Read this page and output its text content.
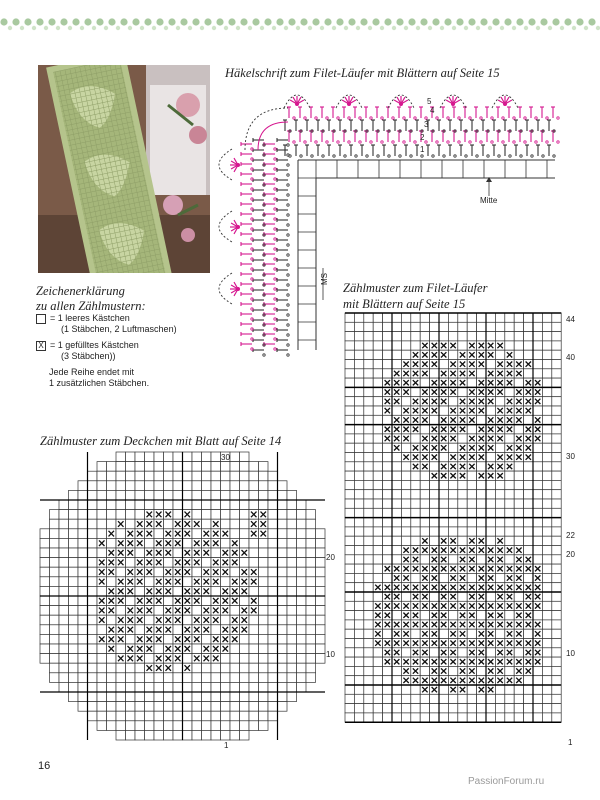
Häkelschrift zum Filet-Läufer mit Blättern auf Seite 15
5
4
3
2
1
Mitte
MS
Zeichenerklärung
zu allen Zählmustern:
= 1 leeres Kästchen
(1 Stäbchen, 2 Luftmaschen)
X = 1 gefülltes Kästchen
(3 Stäbchen))
Jede Reihe endet mit
1 zusätzlichen Stäbchen.
Zählmuster zum Filet-Läufer
mit Blättern auf Seite 15
Zählmuster zum Deckchen mit Blatt auf Seite 14
44
40
30
22
20
10
1
30
20
10
1
16
PassionForum.ru
